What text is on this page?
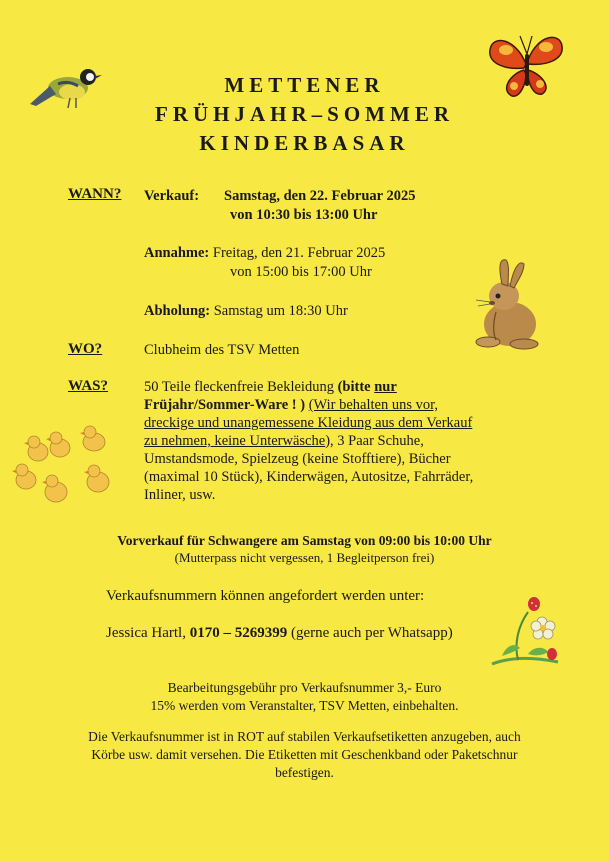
METTENER
FRÜHJAHR–SOMMER
KINDERBASAR
WANN? Verkauf: Samstag, den 22. Februar 2025
von 10:30 bis 13:00 Uhr
Annahme: Freitag, den 21. Februar 2025
von 15:00 bis 17:00 Uhr
Abholung: Samstag um 18:30 Uhr
WO?	Clubheim des TSV Metten
WAS? 50 Teile fleckenfreie Bekleidung (bitte nur
Früjahr/Sommer-Ware ! ) (Wir behalten uns vor,
dreckige und unangemessene Kleidung aus dem Verkauf
zu nehmen, keine Unterwäsche), 3 Paar Schuhe,
Umstandsmode, Spielzeug (keine Stofftiere), Bücher
(maximal 10 Stück), Kinderwägen, Autositze, Fahrräder,
Inliner, usw.
Vorverkauf für Schwangere am Samstag von 09:00 bis 10:00 Uhr
(Mutterpass nicht vergessen, 1 Begleitperson frei)
Verkaufsnummern können angefordert werden unter:
Jessica Hartl, 0170 – 5269399 (gerne auch per Whatsapp)
Bearbeitungsgebühr pro Verkaufsnummer 3,- Euro
15% werden vom Veranstalter, TSV Metten, einbehalten.
Die Verkaufsnummer ist in ROT auf stabilen Verkaufsetiketten anzugeben, auch
Körbe usw. damit versehen. Die Etiketten mit Geschenkband oder Paketschnur
befestigen.
